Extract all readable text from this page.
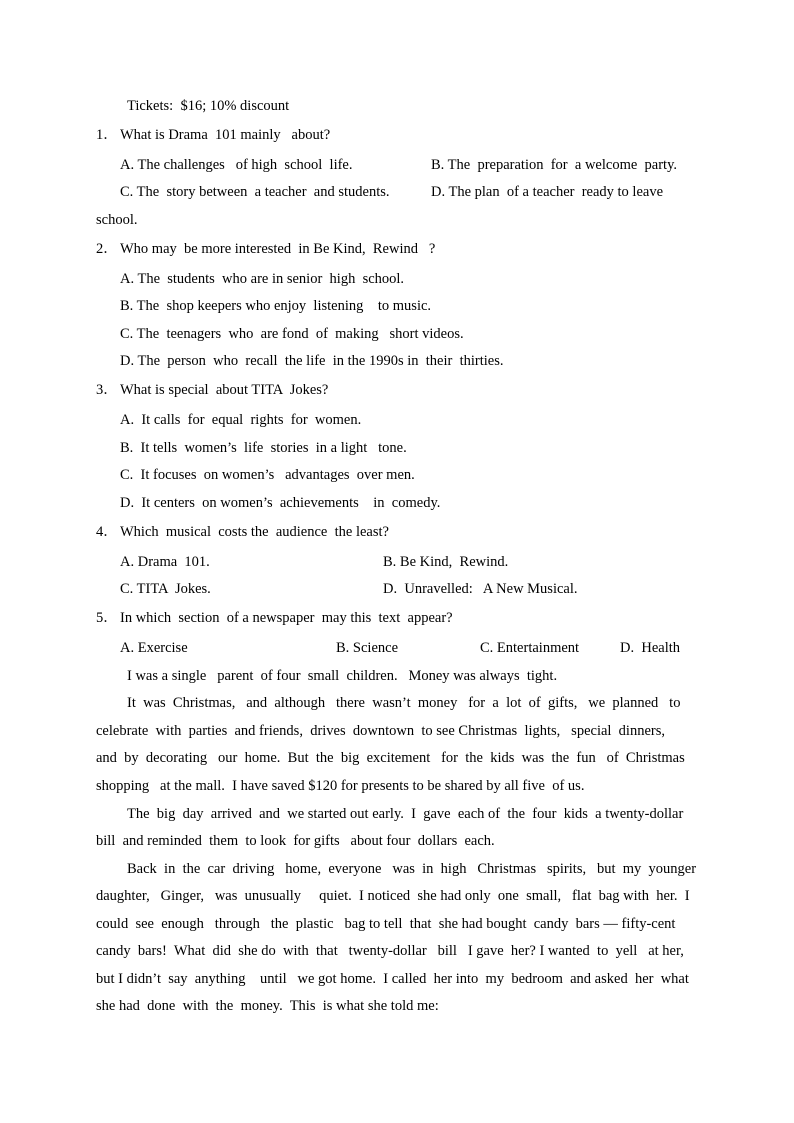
Tickets:  $16; 10% discount
1． What is Drama  101 mainly   about?
A. The challenges   of high  school  life.	B. The  preparation  for  a welcome  party.
C. The  story between  a teacher  and students.	D. The plan  of a teacher  ready to leave
school.
2． Who may  be more interested  in Be Kind,  Rewind   ?
A. The  students  who are in senior  high  school.
B. The  shop keepers who enjoy  listening    to music.
C. The  teenagers  who  are fond  of  making   short videos.
D. The  person  who  recall  the life  in the 1990s in  their  thirties.
3． What is special  about TITA  Jokes?
A.  It calls  for  equal  rights  for  women.
B.  It tells  women’s  life  stories  in a light   tone.
C.  It focuses  on women’s   advantages  over men.
D.  It centers  on women’s  achievements    in  comedy.
4． Which  musical  costs the  audience  the least?
A. Drama  101.	B. Be Kind,  Rewind.
C. TITA  Jokes.	D.  Unravelled:   A New Musical.
5． In which  section  of a newspaper  may this  text  appear?
A. Exercise	B. Science	C. Entertainment	D.  Health
I was a single   parent  of four  small  children.   Money was always  tight.
It  was  Christmas,   and  although   there  wasn’t  money   for  a  lot  of  gifts,   we  planned   to
celebrate  with  parties  and friends,  drives  downtown  to see Christmas  lights,   special  dinners,
and  by  decorating   our  home.  But  the  big  excitement   for  the  kids  was  the  fun   of  Christmas
shopping   at the mall.  I have saved $120 for presents to be shared by all five  of us.
The  big  day  arrived  and  we started out early.  I  gave  each of  the  four  kids  a twenty-dollar
bill  and reminded  them  to look  for gifts   about four  dollars  each.
Back  in  the  car  driving   home,  everyone   was  in  high   Christmas   spirits,   but  my  younger
daughter,   Ginger,   was  unusually     quiet.  I noticed  she had only  one  small,   flat  bag with  her.  I
could  see  enough   through   the  plastic   bag to tell  that  she had bought  candy  bars — fifty-cent
candy  bars!  What  did  she do  with  that   twenty-dollar   bill   I gave  her? I wanted  to  yell   at her,
but I didn’t  say  anything    until   we got home.  I called  her into  my  bedroom  and asked  her  what
she had  done  with  the  money.  This  is what she told me:
